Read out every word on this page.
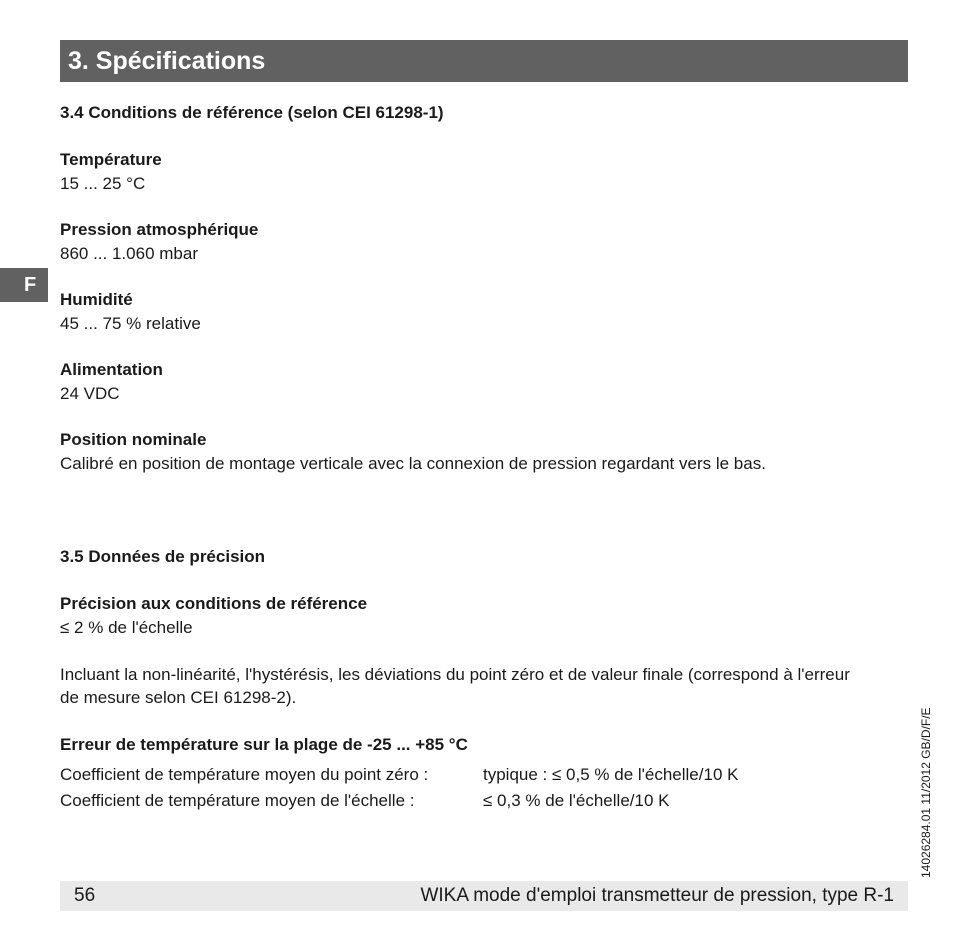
3. Spécifications
F
3.4 Conditions de référence (selon CEI 61298-1)
Température
15 ... 25 °C
Pression atmosphérique
860 ... 1.060 mbar
Humidité
45 ... 75 % relative
Alimentation
24 VDC
Position nominale
Calibré en position de montage verticale avec la connexion de pression regardant vers le bas.
3.5 Données de précision
Précision aux conditions de référence
≤ 2 % de l'échelle
Incluant la non-linéarité, l'hystérésis, les déviations du point zéro et de valeur finale (correspond à l'erreur de mesure selon CEI 61298-2).
Erreur de température sur la plage de -25 ... +85 °C
Coefficient de température moyen du point zéro :	typique : ≤ 0,5 % de l'échelle/10 K
Coefficient de température moyen de l'échelle :	≤ 0,3 % de l'échelle/10 K
56	WIKA mode d'emploi transmetteur de pression, type R-1
14026284.01 11/2012 GB/D/F/E
